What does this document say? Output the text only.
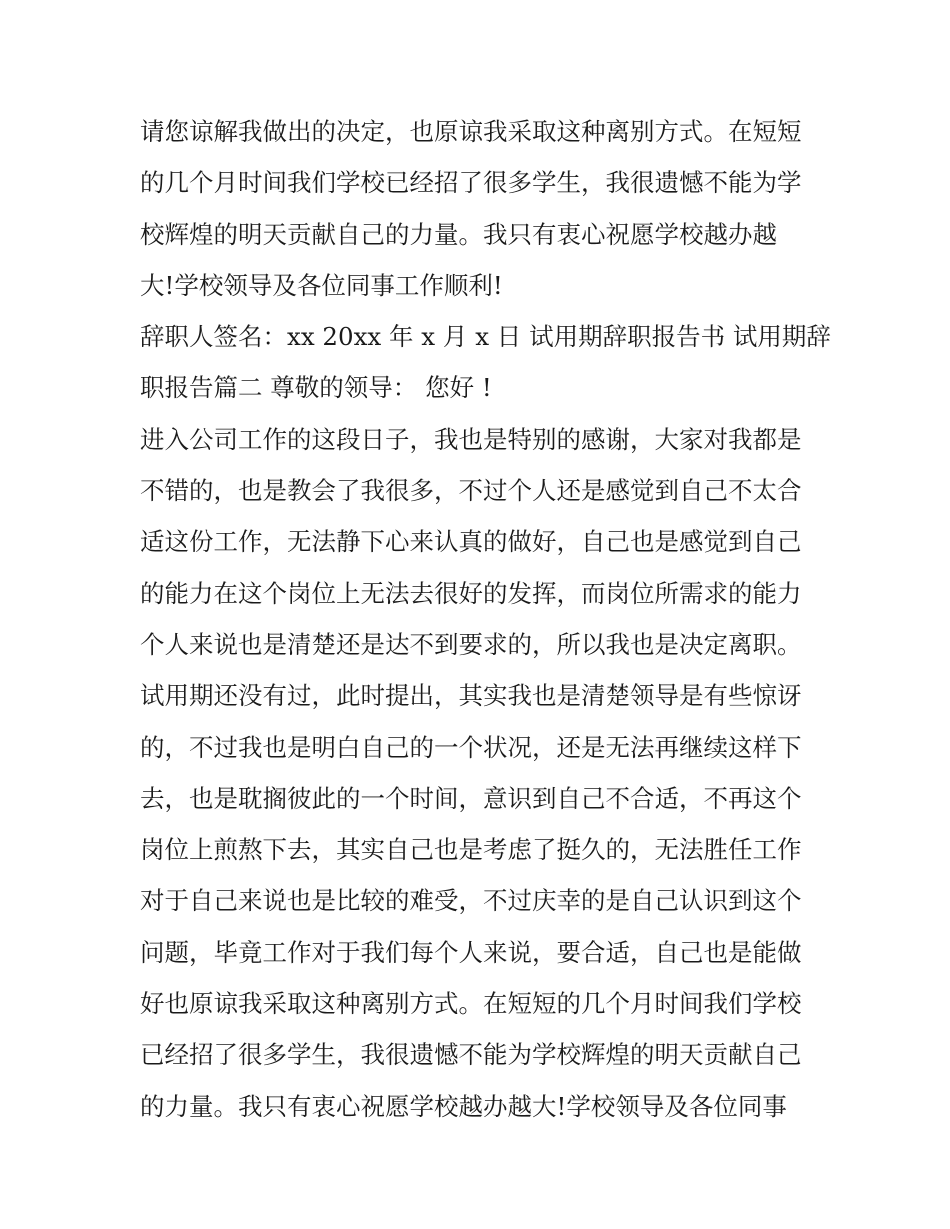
请您谅解我做出的决定，也原谅我采取这种离别方式。在短短
的几个月时间我们学校已经招了很多学生，我很遗憾不能为学
校辉煌的明天贡献自己的力量。我只有衷心祝愿学校越办越
大!学校领导及各位同事工作顺利!
辞职人签名：xx 20xx 年 x 月 x 日 试用期辞职报告书 试用期辞
职报告篇二 尊敬的领导： 您好 !
进入公司工作的这段日子，我也是特别的感谢，大家对我都是
不错的，也是教会了我很多，不过个人还是感觉到自己不太合
适这份工作，无法静下心来认真的做好，自己也是感觉到自己
的能力在这个岗位上无法去很好的发挥，而岗位所需求的能力
个人来说也是清楚还是达不到要求的，所以我也是决定离职。
试用期还没有过，此时提出，其实我也是清楚领导是有些惊讶
的，不过我也是明白自己的一个状况，还是无法再继续这样下
去，也是耽搁彼此的一个时间，意识到自己不合适，不再这个
岗位上煎熬下去，其实自己也是考虑了挺久的，无法胜任工作
对于自己来说也是比较的难受，不过庆幸的是自己认识到这个
问题，毕竟工作对于我们每个人来说，要合适，自己也是能做
好也原谅我采取这种离别方式。在短短的几个月时间我们学校
已经招了很多学生，我很遗憾不能为学校辉煌的明天贡献自己
的力量。我只有衷心祝愿学校越办越大!学校领导及各位同事
